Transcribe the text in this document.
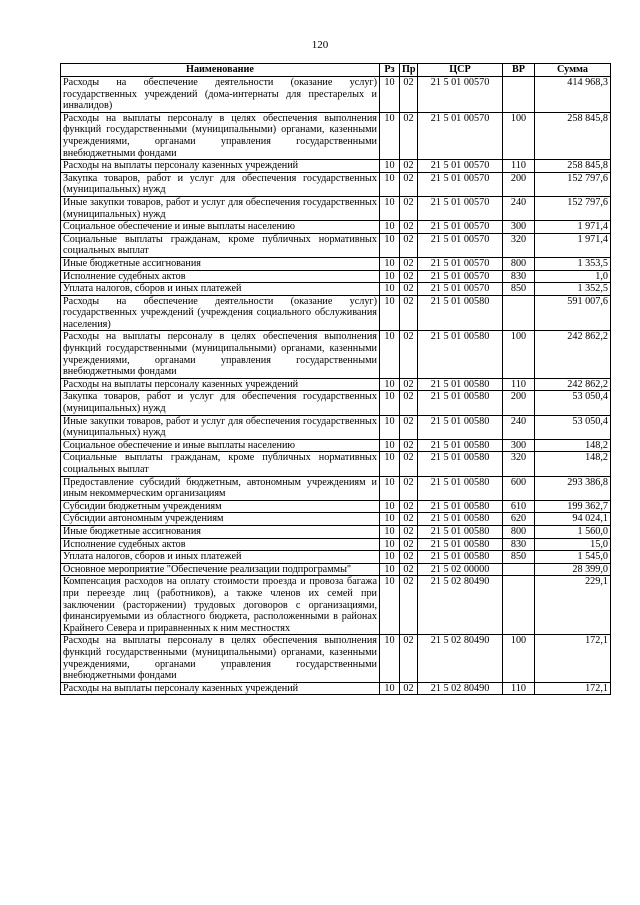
120
Наименование	Рз	Пр	ЦСР	ВР	Сумма
Расходы на обеспечение деятельности (оказание услуг) государственных учреждений (дома-интернаты для престарелых и инвалидов)	10	02	21 5 01 00570		414 968,3
Расходы на выплаты персоналу в целях обеспечения выполнения функций государственными (муниципальными) органами, казенными учреждениями, органами управления государственными внебюджетными фондами	10	02	21 5 01 00570	100	258 845,8
Расходы на выплаты персоналу казенных учреждений	10	02	21 5 01 00570	110	258 845,8
Закупка товаров, работ и услуг для обеспечения государственных (муниципальных) нужд	10	02	21 5 01 00570	200	152 797,6
Иные закупки товаров, работ и услуг для обеспечения государственных (муниципальных) нужд	10	02	21 5 01 00570	240	152 797,6
Социальное обеспечение и иные выплаты населению	10	02	21 5 01 00570	300	1 971,4
Социальные выплаты гражданам, кроме публичных нормативных социальных выплат	10	02	21 5 01 00570	320	1 971,4
Иные бюджетные ассигнования	10	02	21 5 01 00570	800	1 353,5
Исполнение судебных актов	10	02	21 5 01 00570	830	1,0
Уплата налогов, сборов и иных платежей	10	02	21 5 01 00570	850	1 352,5
Расходы на обеспечение деятельности (оказание услуг) государственных учреждений (учреждения социального обслуживания населения)	10	02	21 5 01 00580		591 007,6
Расходы на выплаты персоналу в целях обеспечения выполнения функций государственными (муниципальными) органами, казенными учреждениями, органами управления государственными внебюджетными фондами	10	02	21 5 01 00580	100	242 862,2
Расходы на выплаты персоналу казенных учреждений	10	02	21 5 01 00580	110	242 862,2
Закупка товаров, работ и услуг для обеспечения государственных (муниципальных) нужд	10	02	21 5 01 00580	200	53 050,4
Иные закупки товаров, работ и услуг для обеспечения государственных (муниципальных) нужд	10	02	21 5 01 00580	240	53 050,4
Социальное обеспечение и иные выплаты населению	10	02	21 5 01 00580	300	148,2
Социальные выплаты гражданам, кроме публичных нормативных социальных выплат	10	02	21 5 01 00580	320	148,2
Предоставление субсидий бюджетным, автономным учреждениям и иным некоммерческим организациям	10	02	21 5 01 00580	600	293 386,8
Субсидии бюджетным учреждениям	10	02	21 5 01 00580	610	199 362,7
Субсидии автономным учреждениям	10	02	21 5 01 00580	620	94 024,1
Иные бюджетные ассигнования	10	02	21 5 01 00580	800	1 560,0
Исполнение судебных актов	10	02	21 5 01 00580	830	15,0
Уплата налогов, сборов и иных платежей	10	02	21 5 01 00580	850	1 545,0
Основное мероприятие "Обеспечение реализации подпрограммы"	10	02	21 5 02 00000		28 399,0
Компенсация расходов на оплату стоимости проезда и провоза багажа при переезде лиц (работников), а также членов их семей при заключении (расторжении) трудовых договоров с организациями, финансируемыми из областного бюджета, расположенными в районах Крайнего Севера и приравненных к ним местностях	10	02	21 5 02 80490		229,1
Расходы на выплаты персоналу в целях обеспечения выполнения функций государственными (муниципальными) органами, казенными учреждениями, органами управления государственными внебюджетными фондами	10	02	21 5 02 80490	100	172,1
Расходы на выплаты персоналу казенных учреждений	10	02	21 5 02 80490	110	172,1
